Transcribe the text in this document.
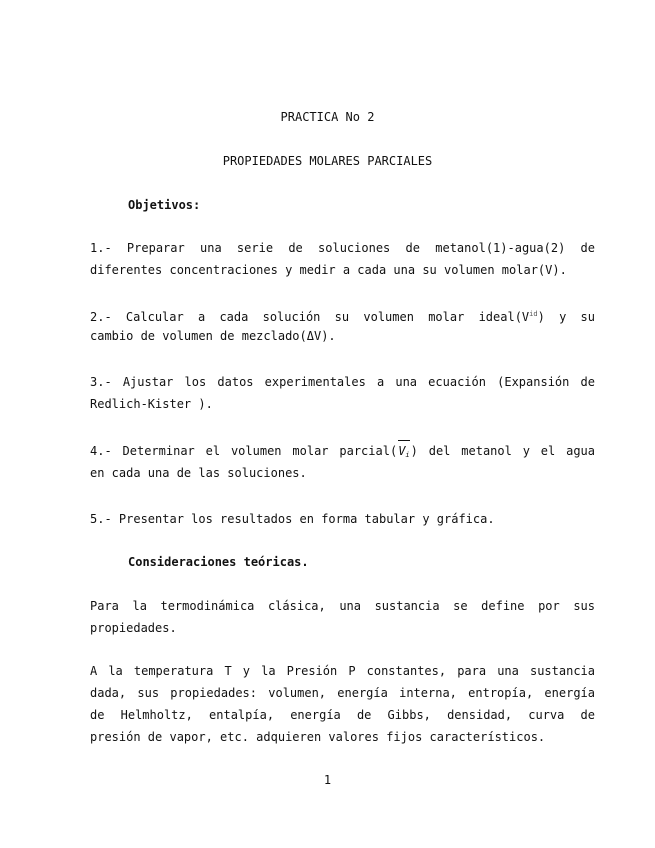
PRACTICA No 2
PROPIEDADES MOLARES PARCIALES
Objetivos:
1.- Preparar una serie de soluciones de metanol(1)-agua(2) de
diferentes concentraciones y medir a cada una su volumen molar(V).
2.- Calcular a cada solución su volumen molar $ideal(V^{id})$ y su
cambio de volumen de mezclado(ΔV).
3.- Ajustar los datos experimentales a una ecuación (Expansión de
Redlich-Kister ).
4.- Determinar el volumen molar parcial(
$V_i$) del metanol y el agua
en cada una de las soluciones.
5.- Presentar los resultados en forma tabular y gráfica.
Consideraciones teóricas.
Para la termodinámica clásica, una sustancia se define por sus
propiedades.
A la temperatura T y la Presión P constantes, para una sustancia
dada, sus propiedades: volumen, energía interna, entropía, energía
de Helmholtz, entalpía, energía de Gibbs, densidad, curva de
presión de vapor, etc. adquieren valores fijos característicos.
1
